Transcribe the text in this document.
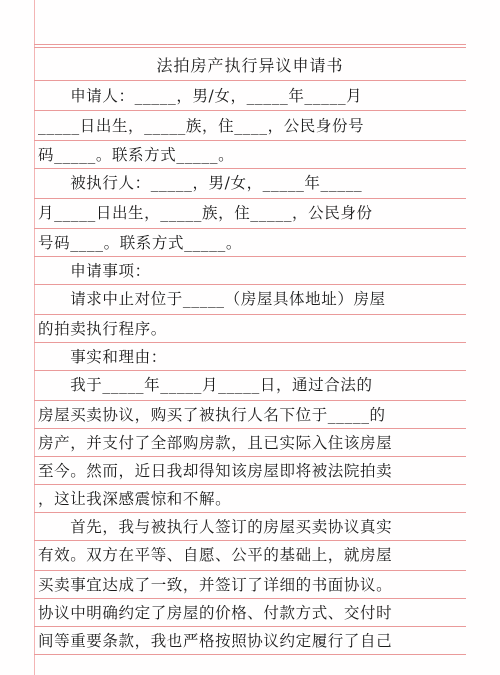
法拍房产执行异议申请书
　　申请人：_____，男/女，_____年_____月
_____日出生，_____族，住____，公民身份号
码_____。联系方式_____。
　　被执行人：_____，男/女，_____年_____
月_____日出生，_____族，住_____，公民身份
号码____。联系方式_____。
　　申请事项：
　　请求中止对位于_____（房屋具体地址）房屋
的拍卖执行程序。
　　事实和理由：
　　我于_____年_____月_____日，通过合法的
房屋买卖协议，购买了被执行人名下位于_____的
房产，并支付了全部购房款，且已实际入住该房屋
至今。然而，近日我却得知该房屋即将被法院拍卖
，这让我深感震惊和不解。
　　首先，我与被执行人签订的房屋买卖协议真实
有效。双方在平等、自愿、公平的基础上，就房屋
买卖事宜达成了一致，并签订了详细的书面协议。
协议中明确约定了房屋的价格、付款方式、交付时
间等重要条款，我也严格按照协议约定履行了自己
